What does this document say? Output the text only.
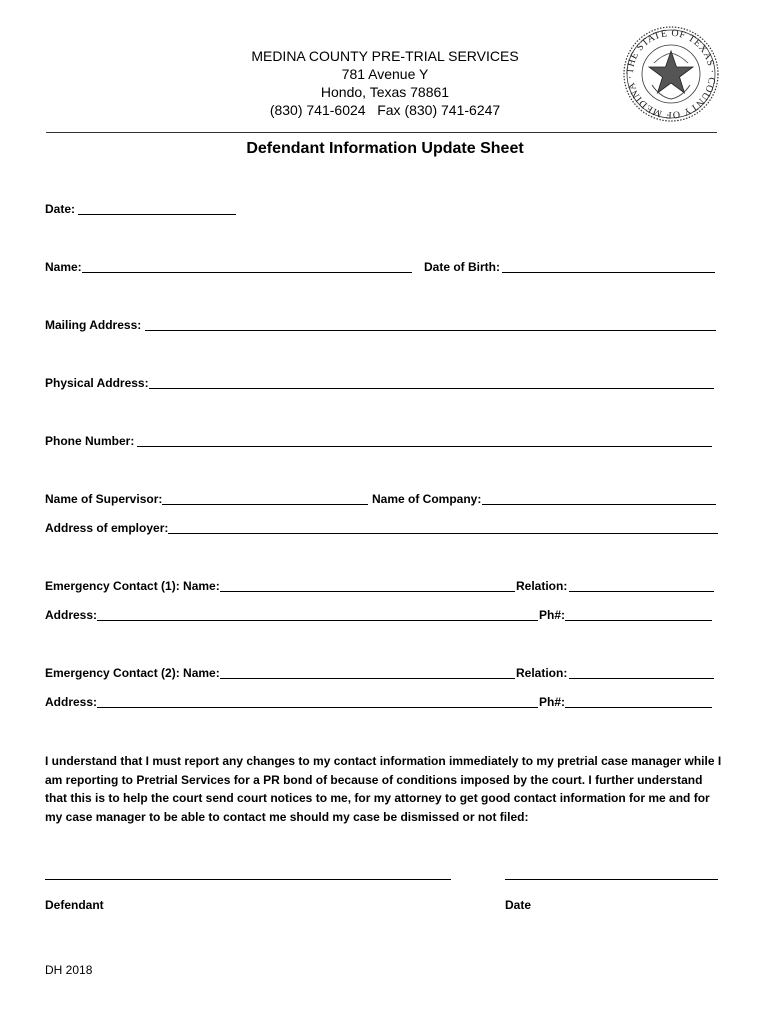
MEDINA COUNTY PRE-TRIAL SERVICES
781 Avenue Y
Hondo, Texas 78861
(830) 741-6024   Fax (830) 741-6247
THE STATE OF TEXAS · COUNTY OF MEDINA ·
Defendant Information Update Sheet
Date:
Name:	Date of Birth:
Mailing Address:
Physical Address:
Phone Number:
Name of Supervisor:	Name of Company:
Address of employer:
Emergency Contact (1): Name:	Relation:
Address:	Ph#:
Emergency Contact (2): Name:	Relation:
Address:	Ph#:
I understand that I must report any changes to my contact information immediately to my pretrial case manager while I am reporting to Pretrial Services for a PR bond of because of conditions imposed by the court. I further understand that this is to help the court send court notices to me, for my attorney to get good contact information for me and for my case manager to be able to contact me should my case be dismissed or not filed:
Defendant	Date
DH 2018
